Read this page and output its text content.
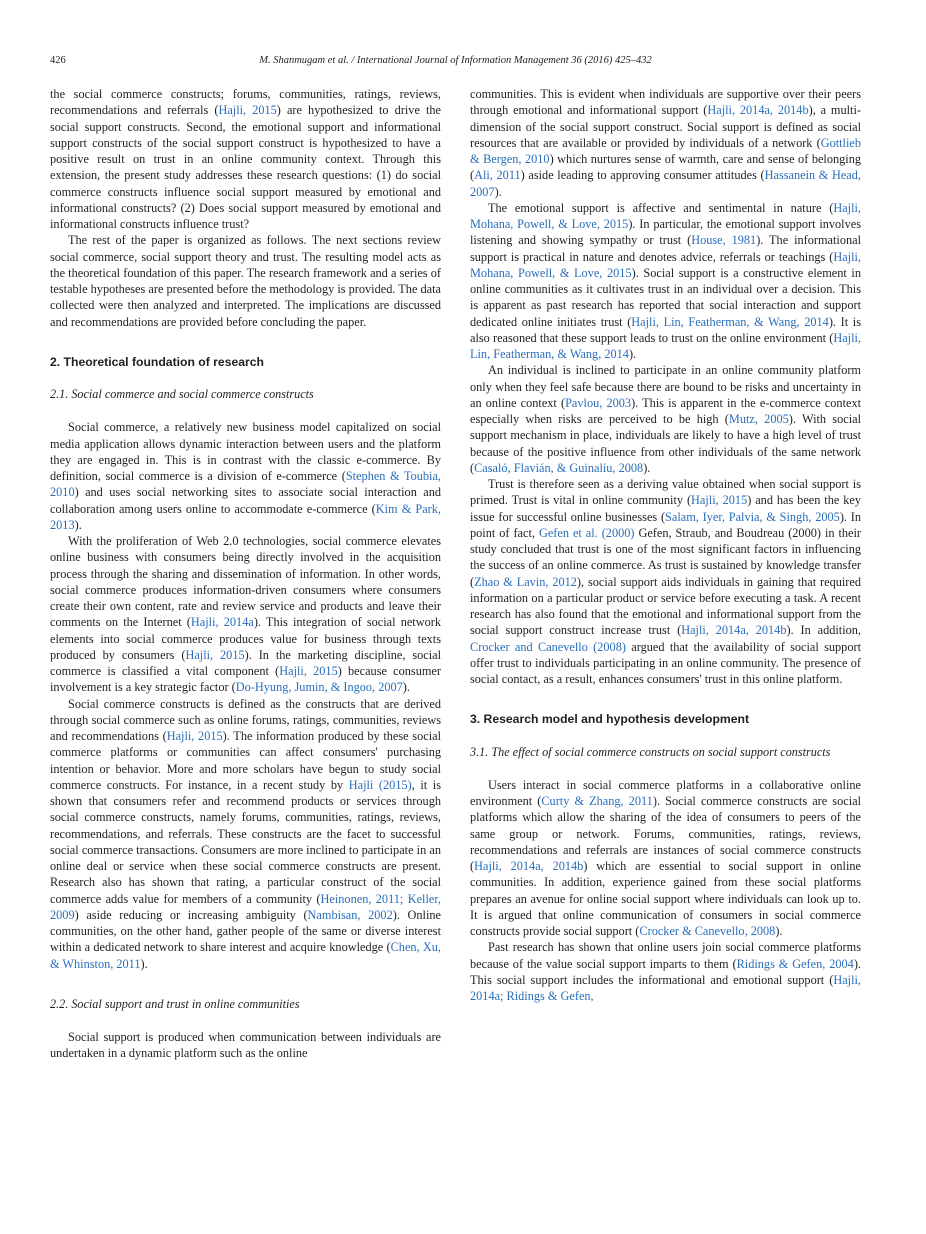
426	M. Shanmugam et al. / International Journal of Information Management 36 (2016) 425–432

the social commerce constructs; forums, communities, ratings, reviews, recommendations and referrals (Hajli, 2015) are hypothesized to drive the social support constructs. Second, the emotional support and informational support constructs of the social support construct is hypothesized to have a positive result on trust in an online community context. Through this extension, the present study addresses these research questions: (1) do social commerce constructs influence social support measured by emotional and informational constructs? (2) Does social support measured by emotional and informational constructs influence trust?

The rest of the paper is organized as follows. The next sections review social commerce, social support theory and trust. The resulting model acts as the theoretical foundation of this paper. The research framework and a series of testable hypotheses are presented before the methodology is provided. The data collected were then analyzed and interpreted. The implications are discussed and recommendations are provided before concluding the paper.

2. Theoretical foundation of research
2.1. Social commerce and social commerce constructs

Social commerce, a relatively new business model capitalized on social media application allows dynamic interaction between users and the platform they are engaged in. This is in contrast with the classic e-commerce. By definition, social commerce is a division of e-commerce (Stephen & Toubia, 2010) and uses social networking sites to associate social interaction and collaboration among users online to accommodate e-commerce (Kim & Park, 2013).

With the proliferation of Web 2.0 technologies, social commerce elevates online business with consumers being directly involved in the acquisition process through the sharing and dissemination of information. In other words, social commerce produces information-driven consumers where consumers create their own content, rate and review service and products and leave their comments on the Internet (Hajli, 2014a). This integration of social network elements into social commerce produces value for business through texts produced by consumers (Hajli, 2015). In the marketing discipline, social commerce is classified a vital component (Hajli, 2015) because consumer involvement is a key strategic factor (Do-Hyung, Jumin, & Ingoo, 2007).

Social commerce constructs is defined as the constructs that are derived through social commerce such as online forums, ratings, communities, reviews and recommendations (Hajli, 2015). The information produced by these social commerce platforms or communities can affect consumers' purchasing intention or behavior. More and more scholars have begun to study social commerce constructs. For instance, in a recent study by Hajli (2015), it is shown that consumers refer and recommend products or services through social commerce constructs, namely forums, communities, ratings, reviews, recommendations, and referrals. These constructs are the facet to successful social commerce transactions. Consumers are more inclined to participate in an online deal or service when these social commerce constructs are present. Research also has shown that rating, a particular construct of the social commerce adds value for members of a community (Heinonen, 2011; Keller, 2009) aside reducing or increasing ambiguity (Nambisan, 2002). Online communities, on the other hand, gather people of the same or diverse interest within a dedicated network to share interest and acquire knowledge (Chen, Xu, & Whinston, 2011).

2.2. Social support and trust in online communities

Social support is produced when communication between individuals are undertaken in a dynamic platform such as the online

communities. This is evident when individuals are supportive over their peers through emotional and informational support (Hajli, 2014a, 2014b), a multi-dimension of the social support construct. Social support is defined as social resources that are available or provided by individuals of a network (Gottlieb & Bergen, 2010) which nurtures sense of warmth, care and sense of belonging (Ali, 2011) aside leading to approving consumer attitudes (Hassanein & Head, 2007).

The emotional support is affective and sentimental in nature (Hajli, Mohana, Powell, & Love, 2015). In particular, the emotional support involves listening and showing sympathy or trust (House, 1981). The informational support is practical in nature and denotes advice, referrals or teachings (Hajli, Mohana, Powell, & Love, 2015). Social support is a constructive element in online communities as it cultivates trust in an individual over a decision. This is apparent as past research has reported that social interaction and support dedicated online initiates trust (Hajli, Lin, Featherman, & Wang, 2014). It is also reasoned that these support leads to trust on the online environment (Hajli, Lin, Featherman, & Wang, 2014).

An individual is inclined to participate in an online community platform only when they feel safe because there are bound to be risks and uncertainty in an online context (Pavlou, 2003). This is apparent in the e-commerce context especially when risks are perceived to be high (Mutz, 2005). With social support mechanism in place, individuals are likely to have a high level of trust because of the positive influence from other individuals of the same network (Casaló, Flavián, & Guinalíu, 2008).

Trust is therefore seen as a deriving value obtained when social support is primed. Trust is vital in online community (Hajli, 2015) and has been the key issue for successful online businesses (Salam, Iyer, Palvia, & Singh, 2005). In point of fact, Gefen et al. (2000) Gefen, Straub, and Boudreau (2000) in their study concluded that trust is one of the most significant factors in influencing the success of an online commerce. As trust is sustained by knowledge transfer (Zhao & Lavin, 2012), social support aids individuals in gaining that required information on a particular product or service before executing a task. A recent research has also found that the emotional and informational support from the social support construct increase trust (Hajli, 2014a, 2014b). In addition, Crocker and Canevello (2008) argued that the availability of social support offer trust to individuals participating in an online community. The presence of social contact, as a result, enhances consumers' trust in this online platform.

3. Research model and hypothesis development
3.1. The effect of social commerce constructs on social support constructs

Users interact in social commerce platforms in a collaborative online environment (Curty & Zhang, 2011). Social commerce constructs are social platforms which allow the sharing of the idea of consumers to peers of the same group or network. Forums, communities, ratings, reviews, recommendations and referrals are instances of social commerce constructs (Hajli, 2014a, 2014b) which are essential to social support in online communities. In addition, experience gained from these social platforms prepares an avenue for online social support where individuals can look up to. It is argued that online communication of consumers in social commerce constructs provide social support (Crocker & Canevello, 2008).

Past research has shown that online users join social commerce platforms because of the value social support imparts to them (Ridings & Gefen, 2004). This social support includes the informational and emotional support (Hajli, 2014a; Ridings & Gefen,
